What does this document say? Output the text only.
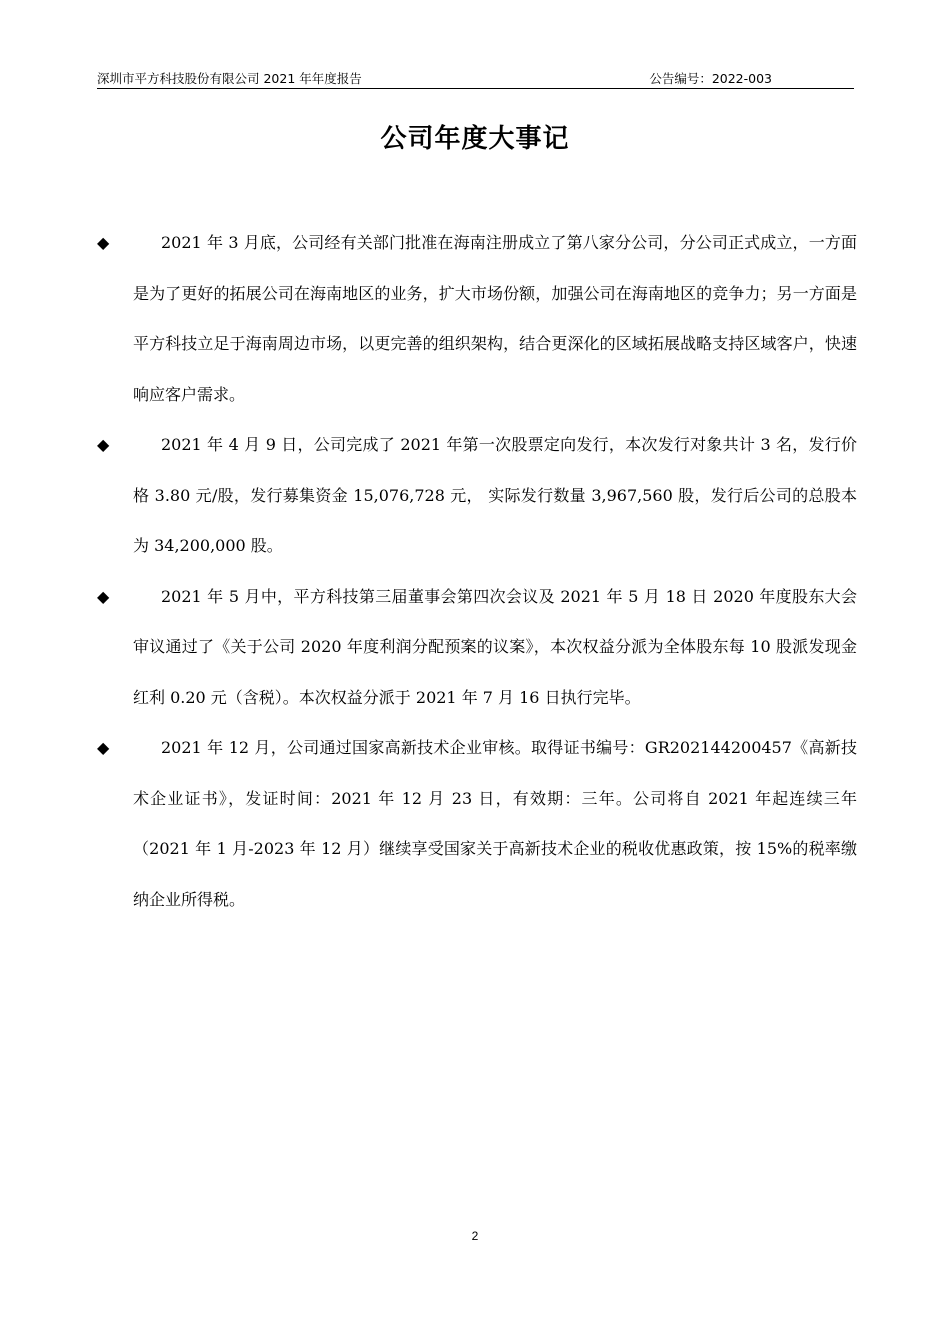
深圳市平方科技股份有限公司 2021 年年度报告	公告编号：2022-003
公司年度大事记
◆	2021 年 3 月底，公司经有关部门批准在海南注册成立了第八家分公司，分公司正式成立，一方面是为了更好的拓展公司在海南地区的业务，扩大市场份额，加强公司在海南地区的竞争力；另一方面是平方科技立足于海南周边市场，以更完善的组织架构，结合更深化的区域拓展战略支持区域客户，快速响应客户需求。
◆	2021 年 4 月 9 日，公司完成了 2021 年第一次股票定向发行，本次发行对象共计 3 名，发行价格 3.80 元/股，发行募集资金 15,076,728 元， 实际发行数量 3,967,560 股，发行后公司的总股本为 34,200,000 股。
◆	2021 年 5 月中，平方科技第三届董事会第四次会议及 2021 年 5 月 18 日 2020 年度股东大会审议通过了《关于公司 2020 年度利润分配预案的议案》，本次权益分派为全体股东每 10 股派发现金红利 0.20 元（含税）。本次权益分派于 2021 年 7 月 16 日执行完毕。
◆	2021 年 12 月，公司通过国家高新技术企业审核。取得证书编号：GR202144200457《高新技术企业证书》，发证时间：2021 年 12 月 23 日，有效期：三年。公司将自 2021 年起连续三年（2021 年 1 月-2023 年 12 月）继续享受国家关于高新技术企业的税收优惠政策，按 15%的税率缴纳企业所得税。
2
